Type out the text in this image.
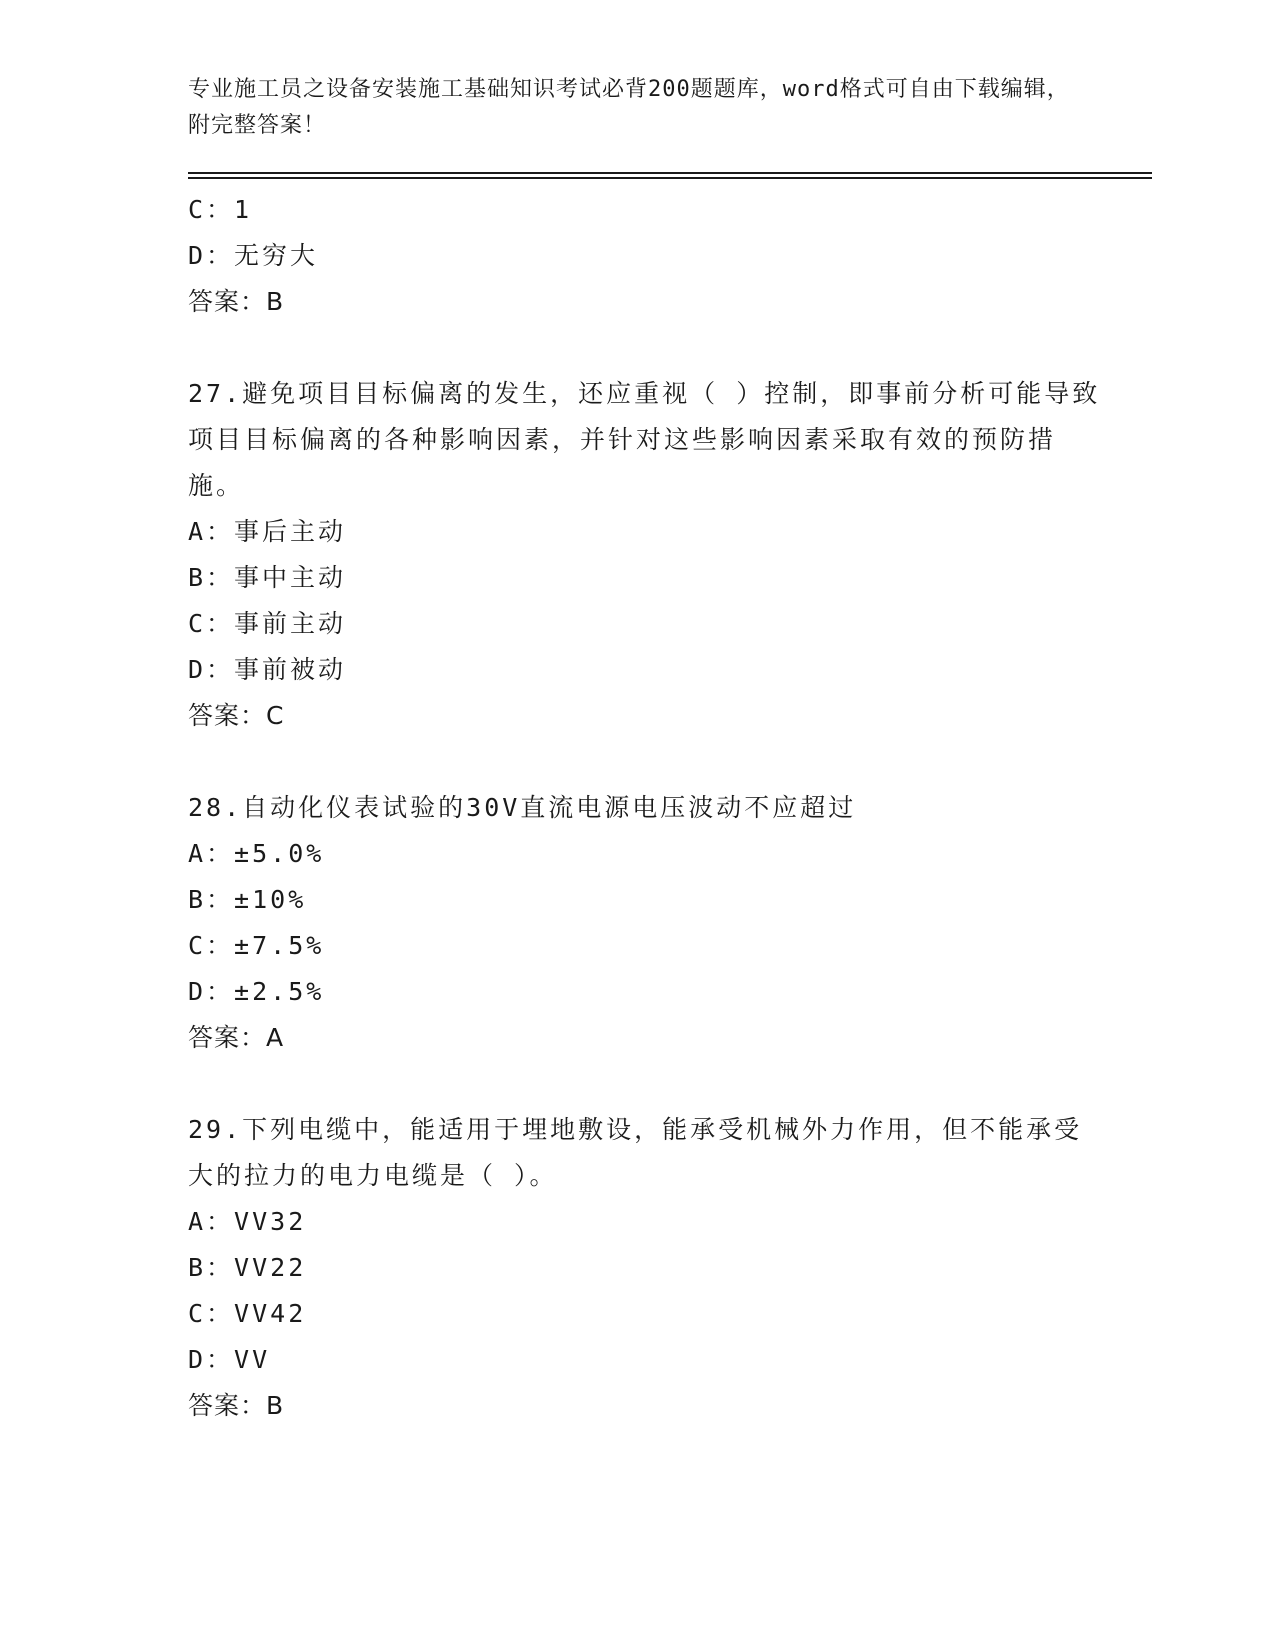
专业施工员之设备安装施工基础知识考试必背200题题库，word格式可自由下载编辑，附完整答案！
C：1
D：无穷大
答案：B
27.避免项目目标偏离的发生，还应重视（ ）控制，即事前分析可能导致项目目标偏离的各种影响因素，并针对这些影响因素采取有效的预防措施。
A：事后主动
B：事中主动
C：事前主动
D：事前被动
答案：C
28.自动化仪表试验的30V直流电源电压波动不应超过
A：±5.0%
B：±10%
C：±7.5%
D：±2.5%
答案：A
29.下列电缆中，能适用于埋地敷设，能承受机械外力作用，但不能承受大的拉力的电力电缆是（ ）。
A：VV32
B：VV22
C：VV42
D：VV
答案：B
